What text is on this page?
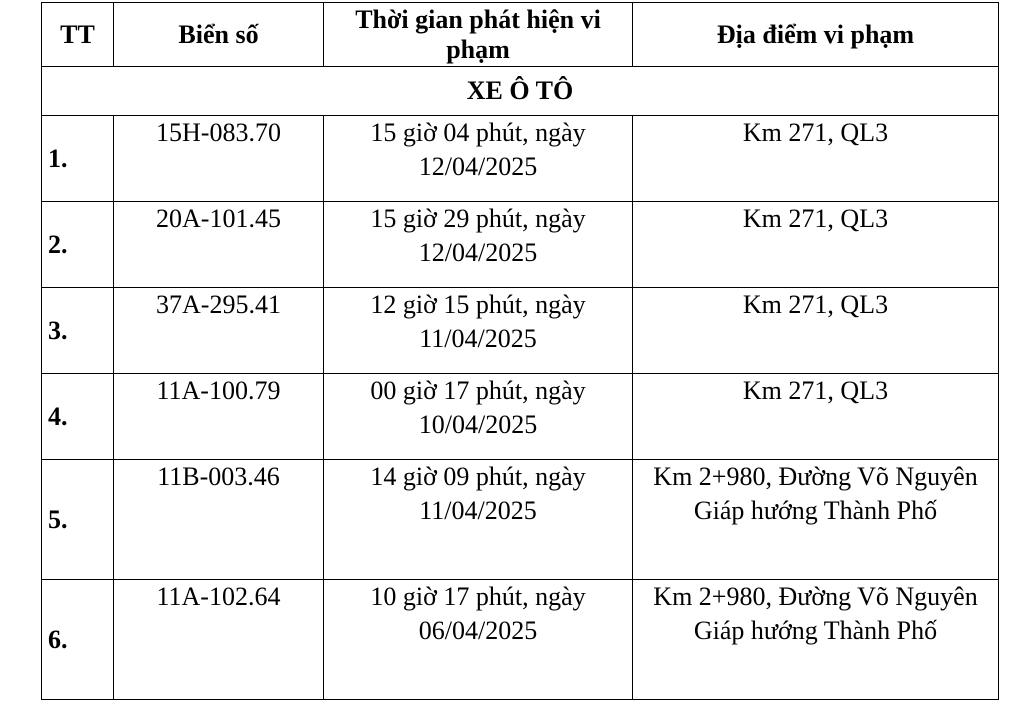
TT	Biển số	Thời gian phát hiện vi phạm	Địa điểm vi phạm
XE Ô TÔ			
1.	15H-083.70	15 giờ 04 phút, ngày 12/04/2025	Km 271, QL3
2.	20A-101.45	15 giờ 29 phút, ngày 12/04/2025	Km 271, QL3
3.	37A-295.41	12 giờ 15 phút, ngày 11/04/2025	Km 271, QL3
4.	11A-100.79	00 giờ 17 phút, ngày 10/04/2025	Km 271, QL3
5.	11B-003.46	14 giờ 09 phút, ngày 11/04/2025	Km 2+980, Đường Võ Nguyên Giáp hướng Thành Phố
6.	11A-102.64	10 giờ 17 phút, ngày 06/04/2025	Km 2+980, Đường Võ Nguyên Giáp hướng Thành Phố
